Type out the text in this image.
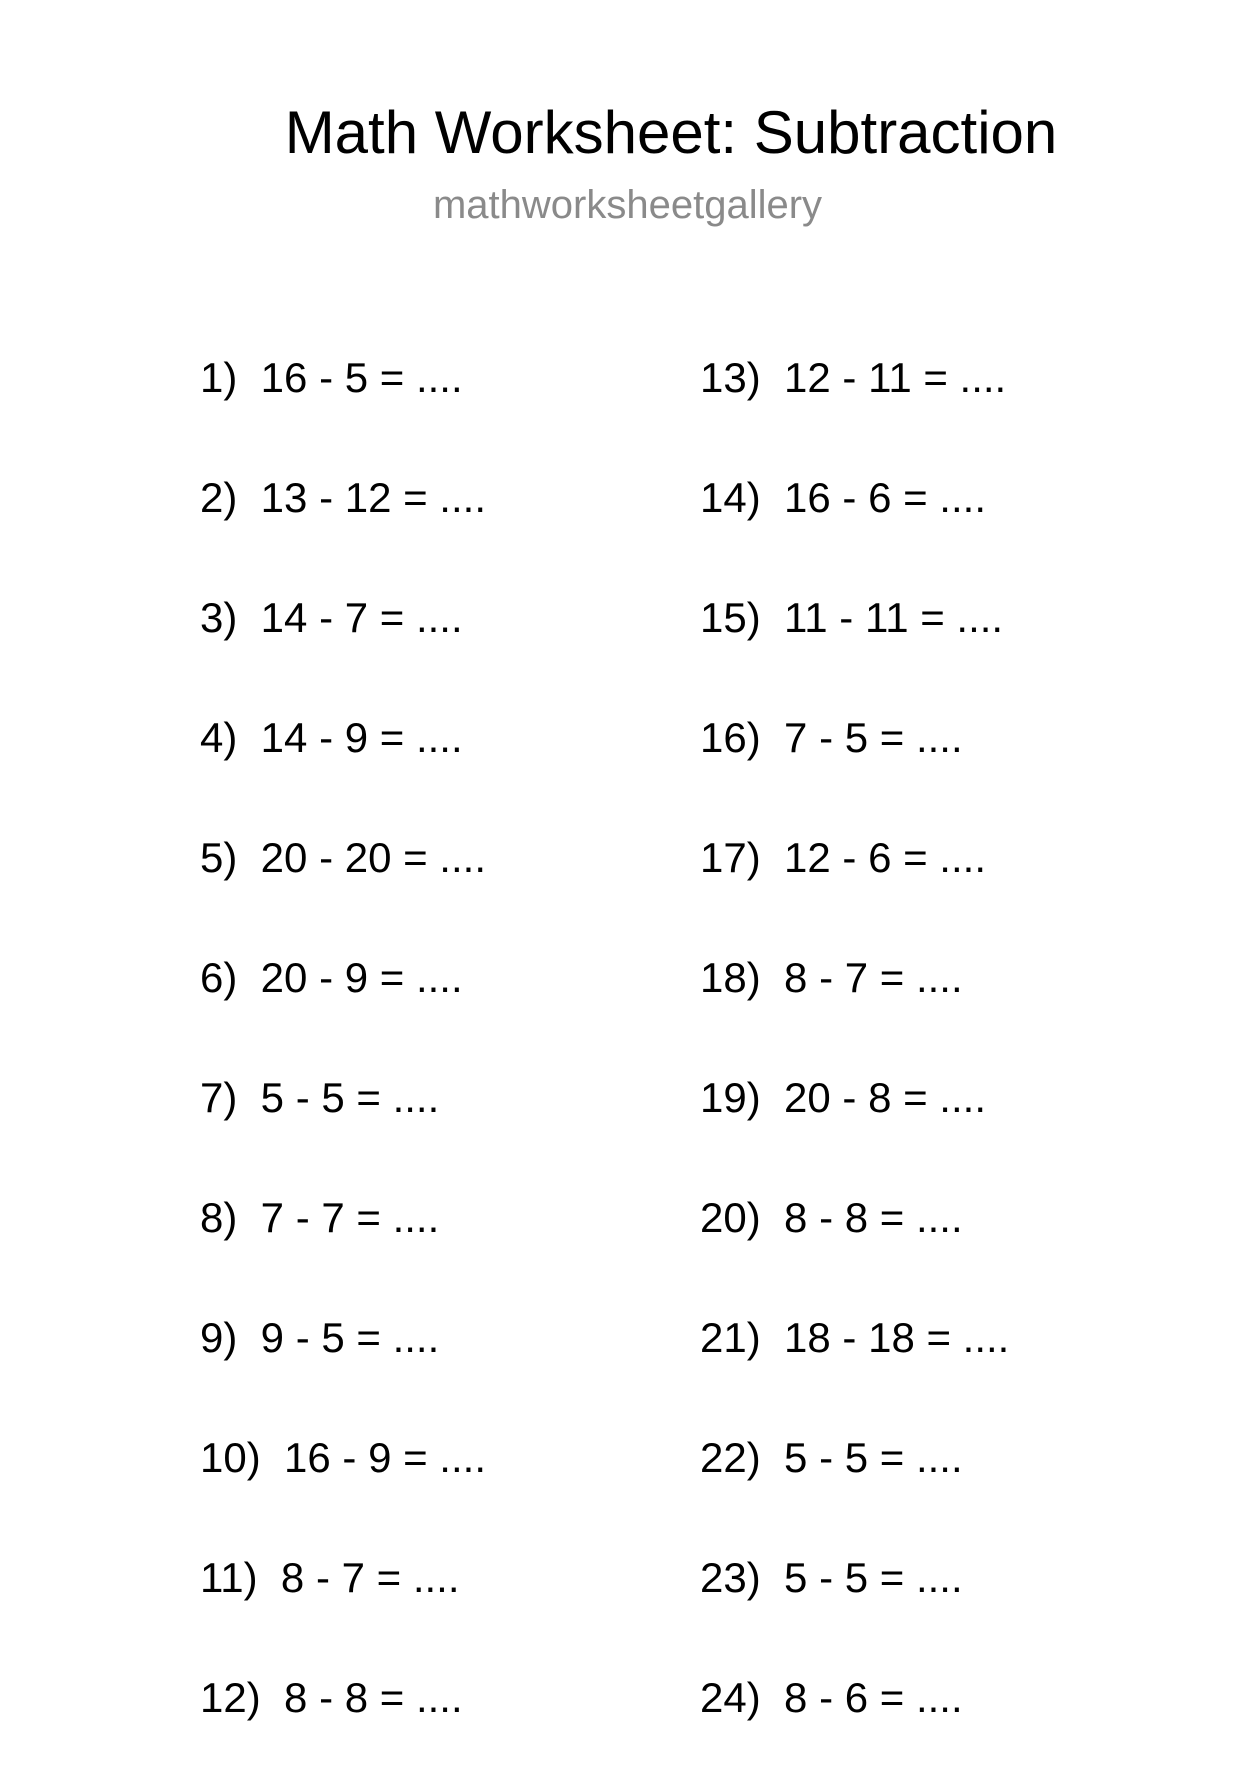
Math Worksheet: Subtraction
mathworksheetgallery
1)  16 - 5 = ....
2)  13 - 12 = ....
3)  14 - 7 = ....
4)  14 - 9 = ....
5)  20 - 20 = ....
6)  20 - 9 = ....
7)  5 - 5 = ....
8)  7 - 7 = ....
9)  9 - 5 = ....
10)  16 - 9 = ....
11)  8 - 7 = ....
12)  8 - 8 = ....
13)  12 - 11 = ....
14)  16 - 6 = ....
15)  11 - 11 = ....
16)  7 - 5 = ....
17)  12 - 6 = ....
18)  8 - 7 = ....
19)  20 - 8 = ....
20)  8 - 8 = ....
21)  18 - 18 = ....
22)  5 - 5 = ....
23)  5 - 5 = ....
24)  8 - 6 = ....
